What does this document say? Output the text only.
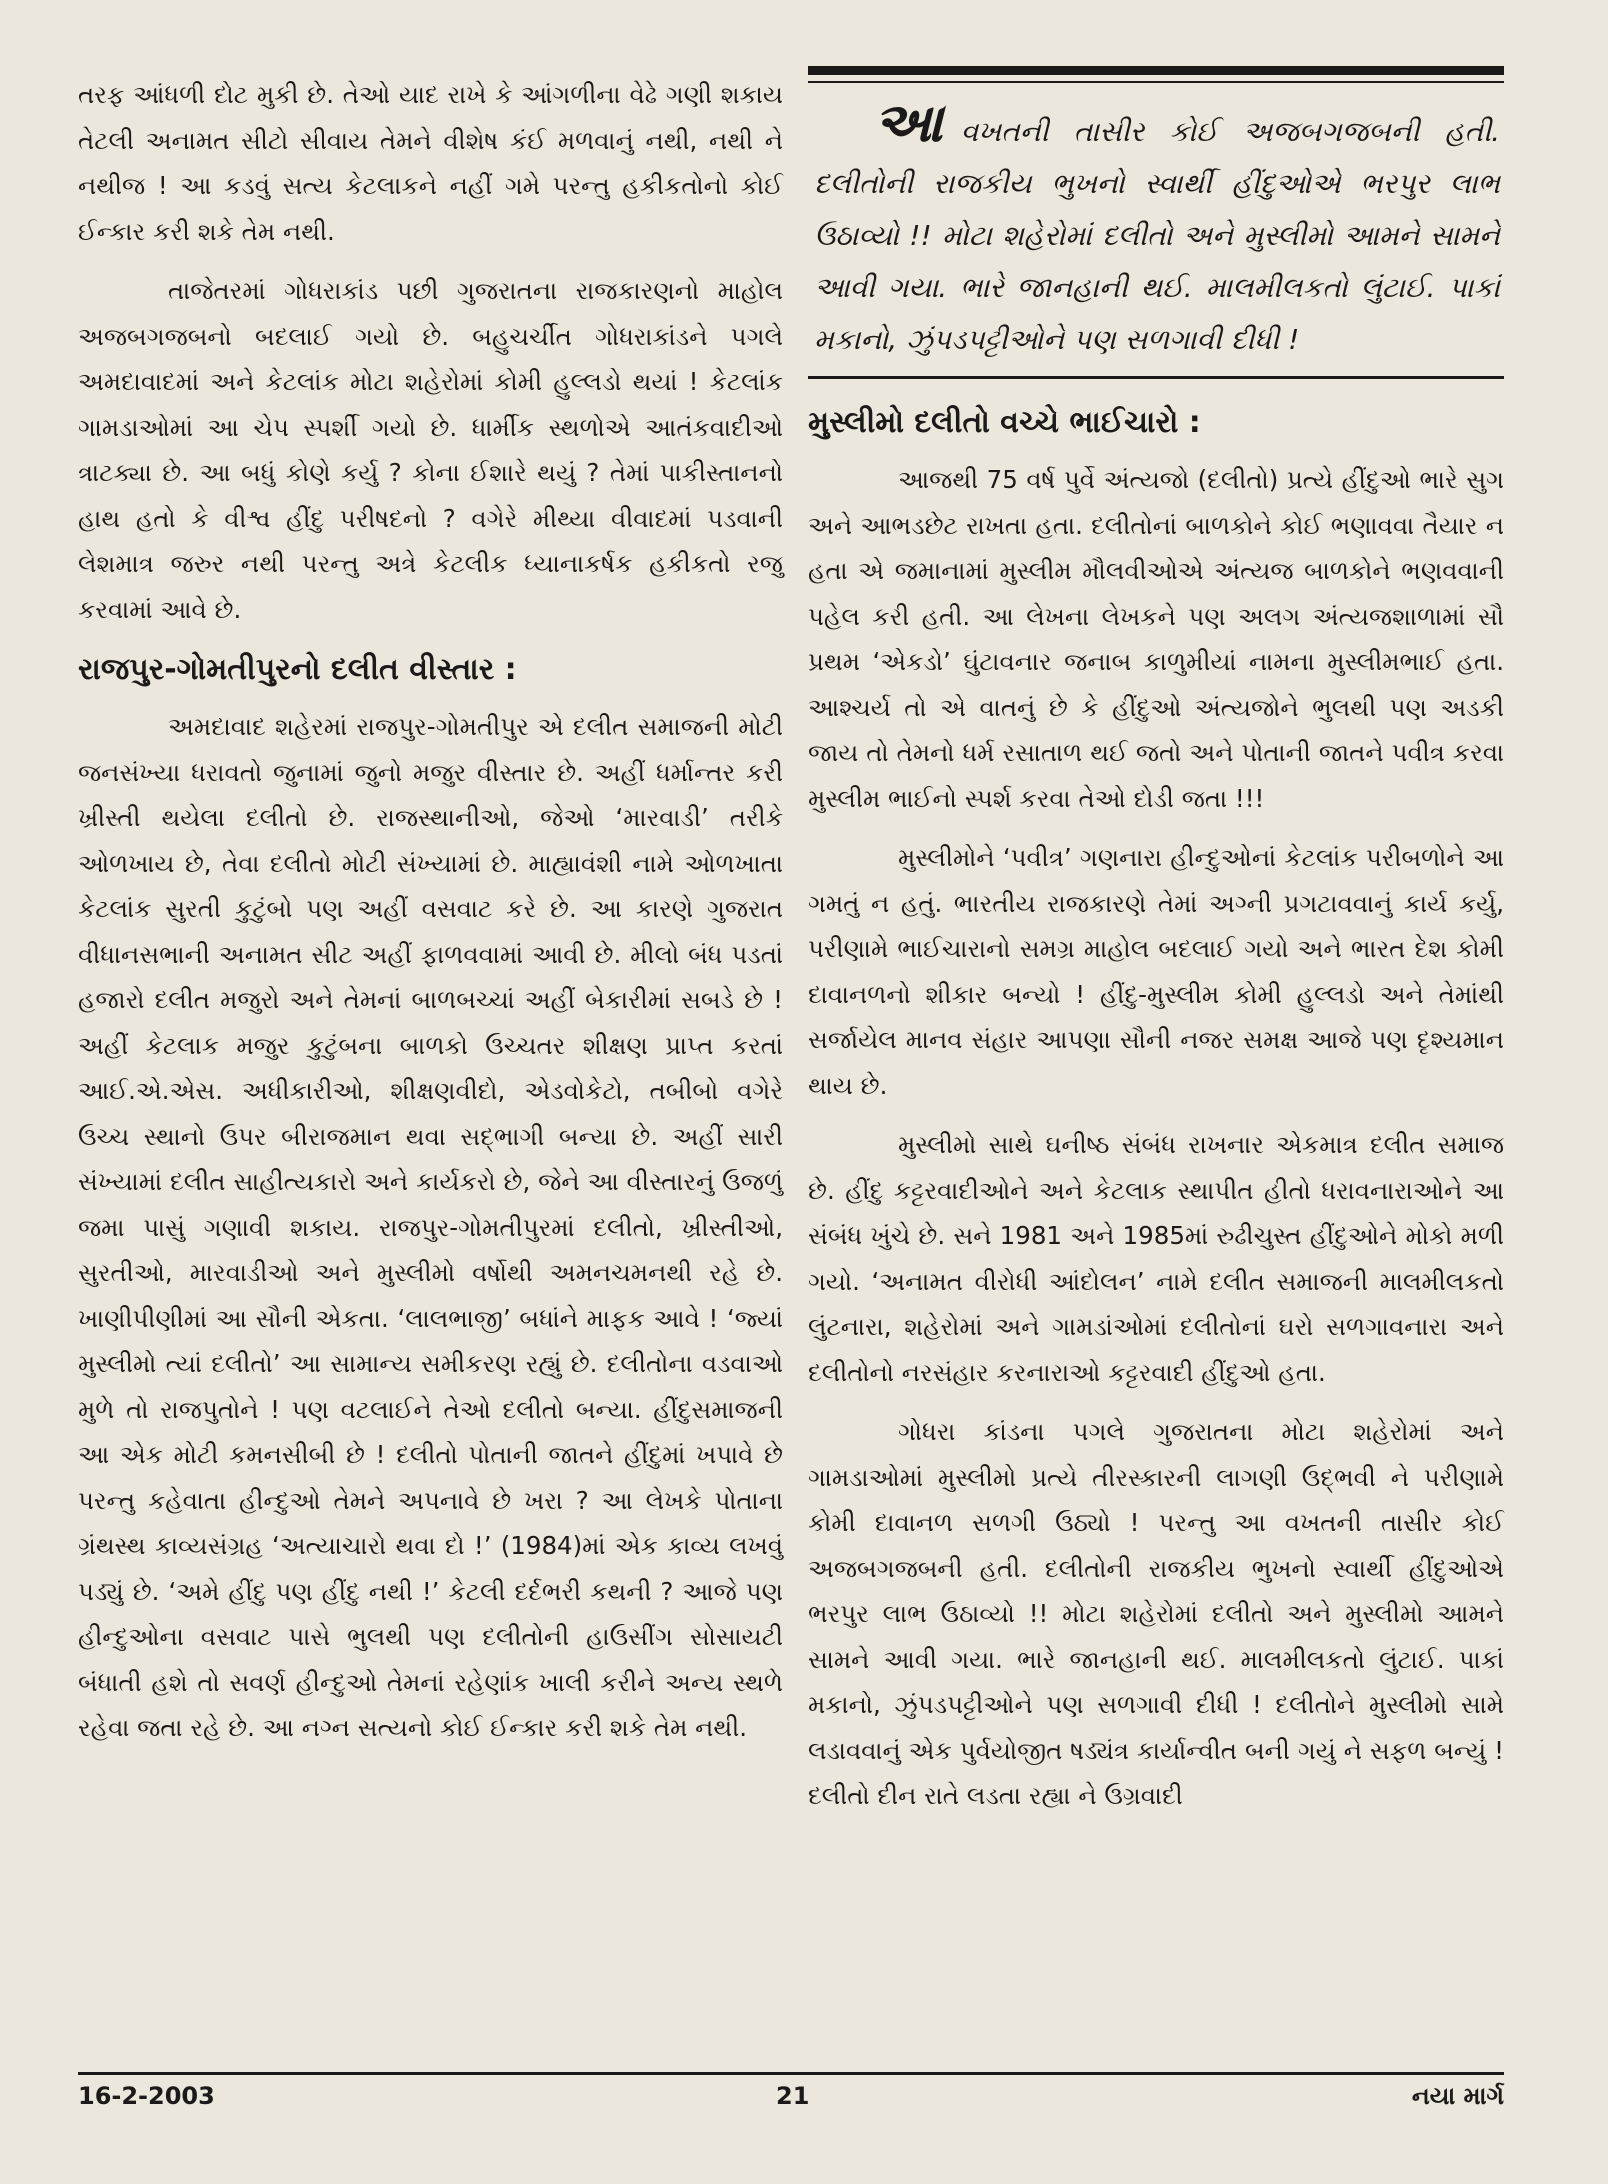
તરફ આંધળી દોટ મુકી છે. તેઓ યાદ રાખે કે આંગળીના વેઢે ગણી શકાય તેટલી અનામત સીટો સીવાય તેમને વીશેષ કંઈ મળવાનું નથી, નથી ને નથીજ ! આ કડવું સત્ય કેટલાકને નહીં ગમે પરન્તુ હકીકતોનો કોઈ ઈન્કાર કરી શકે તેમ નથી.

તાજેતરમાં ગોધરાકાંડ પછી ગુજરાતના રાજકારણનો માહોલ અજબગજબનો બદલાઈ ગયો છે. બહુચર્ચીત ગોધરાકાંડને પગલે અમદાવાદમાં અને કેટલાંક મોટા શહેરોમાં કોમી હુલ્લડો થયાં ! કેટલાંક ગામડાઓમાં આ ચેપ સ્પર્શી ગયો છે. ધાર્મીક સ્થળોએ આતંકવાદીઓ ત્રાટક્યા છે. આ બધું કોણે કર્યુ ? કોના ઈશારે થયું ? તેમાં પાકીસ્તાનનો હાથ હતો કે વીશ્વ હીંદુ પરીષદનો ? વગેરે મીથ્યા વીવાદમાં પડવાની લેશમાત્ર જરુર નથી પરન્તુ અત્રે કેટલીક ધ્યાનાકર્ષક હકીકતો રજુ કરવામાં આવે છે.

રાજપુર-ગોમતીપુરનો દલીત વીસ્તાર :

અમદાવાદ શહેરમાં રાજપુર-ગોમતીપુર એ દલીત સમાજની મોટી જનસંખ્યા ધરાવતો જુનામાં જુનો મજુર વીસ્તાર છે. અહીં ધર્માન્તર કરી ખ્રીસ્તી થયેલા દલીતો છે. રાજસ્થાનીઓ, જેઓ ‘મારવાડી’ તરીકે ઓળખાય છે, તેવા દલીતો મોટી સંખ્યામાં છે. માહ્યાવંશી નામે ઓળખાતા કેટલાંક સુરતી કુટુંબો પણ અહીં વસવાટ કરે છે. આ કારણે ગુજરાત વીધાનસભાની અનામત સીટ અહીં ફાળવવામાં આવી છે. મીલો બંધ પડતાં હજારો દલીત મજુરો અને તેમનાં બાળબચ્ચાં અહીં બેકારીમાં સબડે છે ! અહીં કેટલાક મજુર કુટુંબના બાળકો ઉચ્ચતર શીક્ષણ પ્રાપ્ત કરતાં આઈ.એ.એસ. અધીકારીઓ, શીક્ષણવીદો, એડવોકેટો, તબીબો વગેરે ઉચ્ચ સ્થાનો ઉપર બીરાજમાન થવા સદ્ભાગી બન્યા છે. અહીં સારી સંખ્યામાં દલીત સાહીત્યકારો અને કાર્યકરો છે, જેને આ વીસ્તારનું ઉજળું જમા પાસું ગણાવી શકાય. રાજપુર-ગોમતીપુરમાં દલીતો, ખ્રીસ્તીઓ, સુરતીઓ, મારવાડીઓ અને મુસ્લીમો વર્ષોથી અમનચમનથી રહે છે. ખાણીપીણીમાં આ સૌની એકતા. ‘લાલભાજી’ બધાંને માફક આવે ! ‘જ્યાં મુસ્લીમો ત્યાં દલીતો’ આ સામાન્ય સમીકરણ રહ્યું છે. દલીતોના વડવાઓ મુળે તો રાજપુતોને ! પણ વટલાઈને તેઓ દલીતો બન્યા. હીંદુસમાજની આ એક મોટી કમનસીબી છે ! દલીતો પોતાની જાતને હીંદુમાં ખપાવે છે પરન્તુ કહેવાતા હીન્દુઓ તેમને અપનાવે છે ખરા ? આ લેખકે પોતાના ગ્રંથસ્થ કાવ્યસંગ્રહ ‘અત્યાચારો થવા દો !’ (1984)માં એક કાવ્ય લખવું પડ્યું છે. ‘અમે હીંદુ પણ હીંદુ નથી !’ કેટલી દર્દભરી કથની ? આજે પણ હીન્દુઓના વસવાટ પાસે ભુલથી પણ દલીતોની હાઉસીંગ સોસાયટી બંધાતી હશે તો સવર્ણ હીન્દુઓ તેમનાં રહેણાંક ખાલી કરીને અન્ય સ્થળે રહેવા જતા રહે છે. આ નગ્ન સત્યનો કોઈ ઈન્કાર કરી શકે તેમ નથી.

આવખતની તાસીર કોઈ અજબગજબની હતી. દલીતોની રાજકીય ભુખનો સ્વાર્થી હીંદુઓએ ભરપુર લાભ ઉઠાવ્યો !! મોટા શહેરોમાં દલીતો અને મુસ્લીમો આમને સામને આવી ગયા. ભારે જાનહાની થઈ. માલમીલકતો લુંટાઈ. પાકાં મકાનો, ઝુંપડપટ્ટીઓને પણ સળગાવી દીધી !

મુસ્લીમો દલીતો વચ્ચે ભાઈચારો :

આજથી 75 વર્ષ પુર્વે અંત્યજો (દલીતો) પ્રત્યે હીંદુઓ ભારે સુગ અને આભડછેટ રાખતા હતા. દલીતોનાં બાળકોને કોઈ ભણાવવા તૈયાર ન હતા એ જમાનામાં મુસ્લીમ મૌલવીઓએ અંત્યજ બાળકોને ભણવવાની પહેલ કરી હતી. આ લેખના લેખકને પણ અલગ અંત્યજશાળામાં સૌ પ્રથમ ‘એકડો’ ઘુંટાવનાર જનાબ કાળુમીયાં નામના મુસ્લીમભાઈ હતા. આશ્ચર્ય તો એ વાતનું છે કે હીંદુઓ અંત્યજોને ભુલથી પણ અડકી જાય તો તેમનો ધર્મ રસાતાળ થઈ જતો અને પોતાની જાતને પવીત્ર કરવા મુસ્લીમ ભાઈનો સ્પર્શ કરવા તેઓ દોડી જતા !!!

મુસ્લીમોને ‘પવીત્ર’ ગણનારા હીન્દુઓનાં કેટલાંક પરીબળોને આ ગમતું ન હતું. ભારતીય રાજકારણે તેમાં અગ્ની પ્રગટાવવાનું કાર્ય કર્યુ, પરીણામે ભાઈચારાનો સમગ્ર માહોલ બદલાઈ ગયો અને ભારત દેશ કોમી દાવાનળનો શીકાર બન્યો ! હીંદુ-મુસ્લીમ કોમી હુલ્લડો અને તેમાંથી સર્જાયેલ માનવ સંહાર આપણા સૌની નજર સમક્ષ આજે પણ દૃશ્યમાન થાય છે.

મુસ્લીમો સાથે ઘનીષ્ઠ સંબંધ રાખનાર એકમાત્ર દલીત સમાજ છે. હીંદુ કટ્ટરવાદીઓને અને કેટલાક સ્થાપીત હીતો ધરાવનારાઓને આ સંબંધ ખુંચે છે. સને 1981 અને 1985માં રુઢીચુસ્ત હીંદુઓને મોકો મળી ગયો. ‘અનામત વીરોધી આંદોલન’ નામે દલીત સમાજની માલમીલકતો લુંટનારા, શહેરોમાં અને ગામડાંઓમાં દલીતોનાં ઘરો સળગાવનારા અને દલીતોનો નરસંહાર કરનારાઓ કટ્ટરવાદી હીંદુઓ હતા.

ગોધરા કાંડના પગલે ગુજરાતના મોટા શહેરોમાં અને ગામડાઓમાં મુસ્લીમો પ્રત્યે તીરસ્કારની લાગણી ઉદ્ભવી ને પરીણામે કોમી દાવાનળ સળગી ઉઠ્યો ! પરન્તુ આ વખતની તાસીર કોઈ અજબગજબની હતી. દલીતોની રાજકીય ભુખનો સ્વાર્થી હીંદુઓએ ભરપુર લાભ ઉઠાવ્યો !! મોટા શહેરોમાં દલીતો અને મુસ્લીમો આમને સામને આવી ગયા. ભારે જાનહાની થઈ. માલમીલકતો લુંટાઈ. પાકાં મકાનો, ઝુંપડપટ્ટીઓને પણ સળગાવી દીધી ! દલીતોને મુસ્લીમો સામે લડાવવાનું એક પુર્વયોજીત ષડ્યંત્ર કાર્યાન્વીત બની ગયું ને સફળ બન્યું ! દલીતો દીન રાતે લડતા રહ્યા ને ઉગ્રવાદી

16-2-2003	21	નયા માર્ગ
